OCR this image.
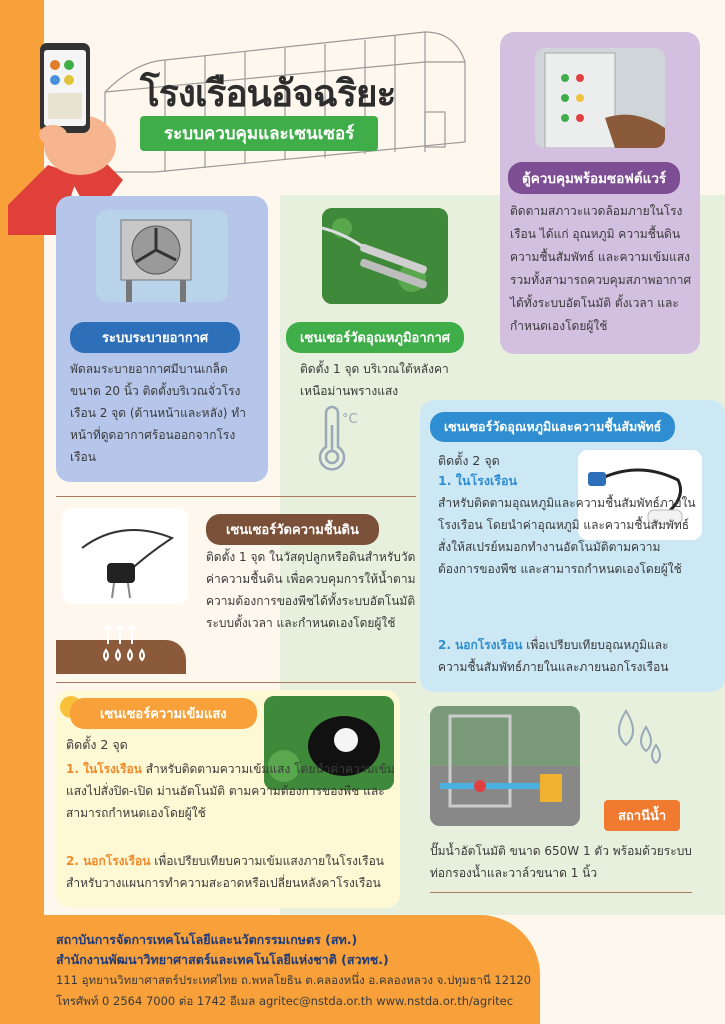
โรงเรือนอัจฉริยะ
ระบบควบคุมและเซนเซอร์
ตู้ควบคุมพร้อมซอฟต์แวร์
ติดตามสภาวะแวดล้อมภายในโรงเรือน ได้แก่ อุณหภูมิ ความชื้นดิน ความชื้นสัมพัทธ์ และความเข้มแสง รวมทั้งสามารถควบคุมสภาพอากาศได้ทั้งระบบอัตโนมัติ ตั้งเวลา และกำหนดเองโดยผู้ใช้
ระบบระบายอากาศ
พัดลมระบายอากาศมีบานเกล็ด ขนาด 20 นิ้ว ติดตั้งบริเวณจั่วโรงเรือน 2 จุด (ด้านหน้าและหลัง) ทำหน้าที่ดูดอากาศร้อนออกจากโรงเรือน
เซนเซอร์วัดอุณหภูมิอากาศ
ติดตั้ง 1 จุด บริเวณใต้หลังคาเหนือม่านพรางแสง
°C	เซนเซอร์วัดอุณหภูมิและความชื้นสัมพัทธ์
ติดตั้ง 2 จุด
1. ในโรงเรือน
สำหรับติดตามอุณหภูมิและความชื้นสัมพัทธ์ภายในโรงเรือน โดยนำค่าอุณหภูมิ และความชื้นสัมพัทธ์สั่งให้สเปรย์หมอกทำงานอัตโนมัติตามความต้องการของพืช และสามารถกำหนดเองโดยผู้ใช้
2. นอกโรงเรือน เพื่อเปรียบเทียบอุณหภูมิและความชื้นสัมพัทธ์ภายในและภายนอกโรงเรือน
เซนเซอร์วัดความชื้นดิน
ติดตั้ง 1 จุด ในวัสดุปลูกหรือดินสำหรับวัดค่าความชื้นดิน เพื่อควบคุมการให้น้ำตามความต้องการของพืชได้ทั้งระบบอัตโนมัติ ระบบตั้งเวลา และกำหนดเองโดยผู้ใช้
เซนเซอร์ความเข้มแสง
ติดตั้ง 2 จุด
1. ในโรงเรือน สำหรับติดตามความเข้มแสง โดยนำค่าความเข้มแสงไปสั่งปิด-เปิด ม่านอัตโนมัติ ตามความต้องการของพืช และสามารถกำหนดเองโดยผู้ใช้
2. นอกโรงเรือน เพื่อเปรียบเทียบความเข้มแสงภายในโรงเรือนสำหรับวางแผนการทำความสะอาดหรือเปลี่ยนหลังคาโรงเรือน
สถานีน้ำ
ปั๊มน้ำอัตโนมัติ ขนาด 650W 1 ตัว พร้อมด้วยระบบท่อกรองน้ำและวาล์วขนาด 1 นิ้ว
สถาบันการจัดการเทคโนโลยีและนวัตกรรมเกษตร (สท.)
สำนักงานพัฒนาวิทยาศาสตร์และเทคโนโลยีแห่งชาติ (สวทช.)
111 อุทยานวิทยาศาสตร์ประเทศไทย ถ.พหลโยธิน ต.คลองหนึ่ง อ.คลองหลวง จ.ปทุมธานี 12120
โทรศัพท์ 0 2564 7000 ต่อ 1742 อีเมล agritec@nstda.or.th www.nstda.or.th/agritec
